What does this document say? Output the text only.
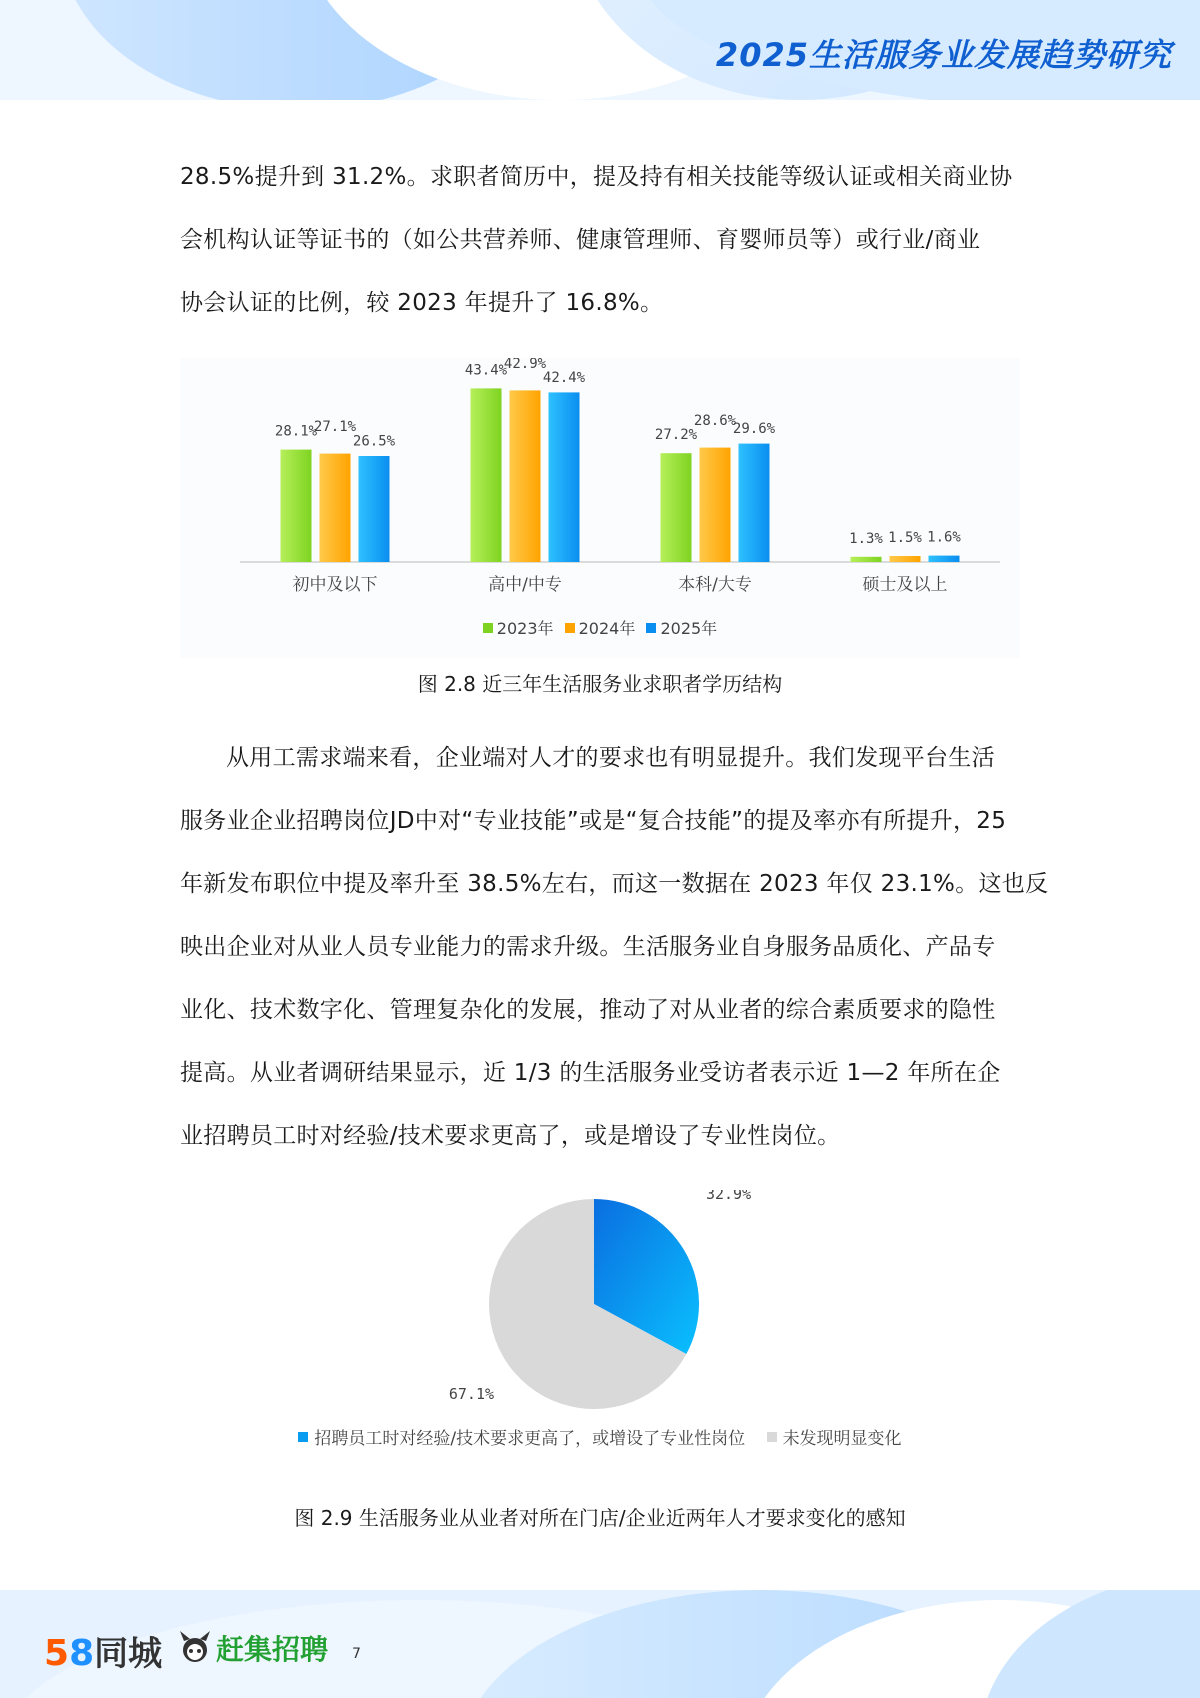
2025生活服务业发展趋势研究
28.5%提升到 31.2%。求职者简历中，提及持有相关技能等级认证或相关商业协
会机构认证等证书的（如公共营养师、健康管理师、育婴师员等）或行业/商业
协会认证的比例，较 2023 年提升了 16.8%。
28.1%
27.1%
26.5%
初中及以下
43.4%
42.9%
42.4%
高中/中专
27.2%
28.6%
29.6%
本科/大专
1.3% 1.5% 1.6%
硕士及以上
2023年
2024年
2025年
图 2.8 近三年生活服务业求职者学历结构
从用工需求端来看，企业端对人才的要求也有明显提升。我们发现平台生活
服务业企业招聘岗位JD中对“专业技能”或是“复合技能”的提及率亦有所提升，25
年新发布职位中提及率升至 38.5%左右，而这一数据在 2023 年仅 23.1%。这也反
映出企业对从业人员专业能力的需求升级。生活服务业自身服务品质化、产品专
业化、技术数字化、管理复杂化的发展，推动了对从业者的综合素质要求的隐性
提高。从业者调研结果显示，近 1/3 的生活服务业受访者表示近 1—2 年所在企
业招聘员工时对经验/技术要求更高了，或是增设了专业性岗位。
32.9%
67.1%
招聘员工时对经验/技术要求更高了，或增设了专业性岗位
未发现明显变化
图 2.9 生活服务业从业者对所在门店/企业近两年人才要求变化的感知
58同城 赶集招聘 7
